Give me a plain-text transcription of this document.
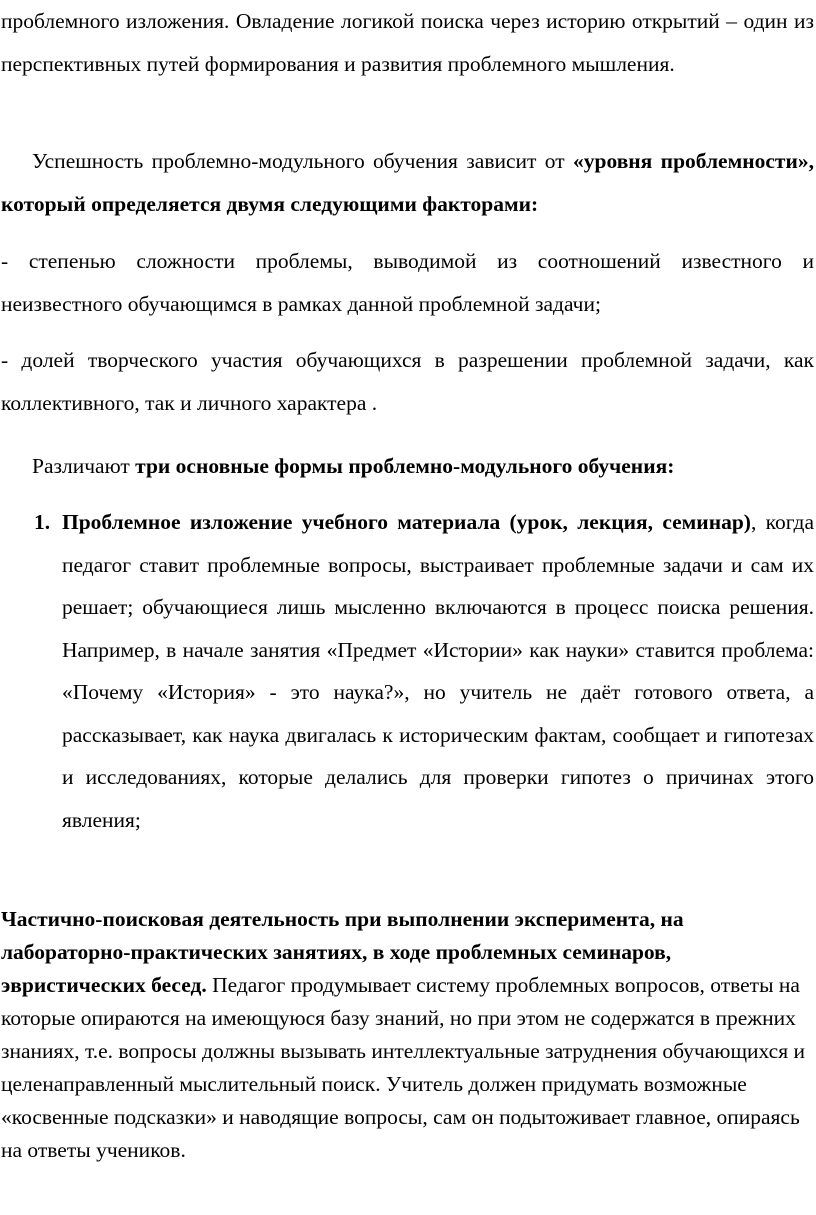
проблемного изложения. Овладение логикой поиска через историю открытий – один из перспективных путей формирования и развития проблемного мышления.

Успешность проблемно-модульного обучения зависит от «уровня проблемности», который определяется двумя следующими факторами:

- степенью сложности проблемы, выводимой из соотношений известного и неизвестного обучающимся в рамках данной проблемной задачи;

- долей творческого участия обучающихся в разрешении проблемной задачи, как коллективного, так и личного характера .

Различают три основные формы проблемно-модульного обучения:

1. Проблемное изложение учебного материала (урок, лекция, семинар), когда педагог ставит проблемные вопросы, выстраивает проблемные задачи и сам их решает; обучающиеся лишь мысленно включаются в процесс поиска решения. Например, в начале занятия «Предмет «Истории» как науки» ставится проблема: «Почему «История» - это наука?», но учитель не даёт готового ответа, а рассказывает, как наука двигалась к историческим фактам, сообщает и гипотезах и исследованиях, которые делались для проверки гипотез о причинах этого явления;

Частично-поисковая деятельность при выполнении эксперимента, на лабораторно-практических занятиях, в ходе проблемных семинаров, эвристических бесед. Педагог продумывает систему проблемных вопросов, ответы на которые опираются на имеющуюся базу знаний, но при этом не содержатся в прежних знаниях, т.е. вопросы должны вызывать интеллектуальные затруднения обучающихся и целенаправленный мыслительный поиск. Учитель должен придумать возможные «косвенные подсказки» и наводящие вопросы, сам он подытоживает главное, опираясь на ответы учеников.
